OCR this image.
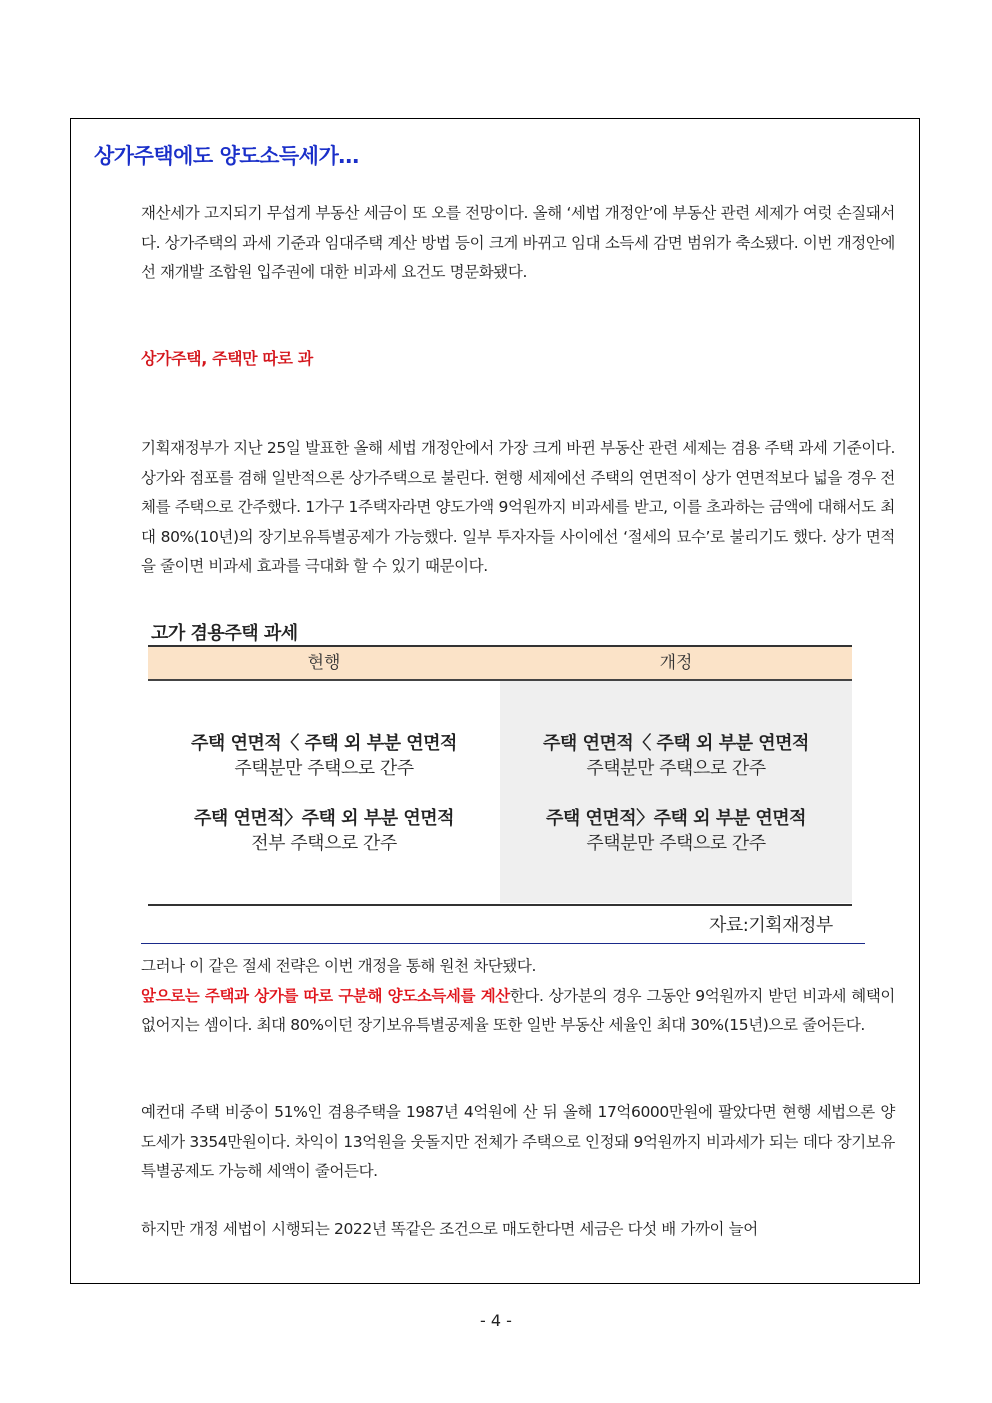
상가주택에도 양도소득세가…

재산세가 고지되기 무섭게 부동산 세금이 또 오를 전망이다. 올해 ‘세법 개정안’에 부동산 관련 세제가 여럿 손질돼서다. 상가주택의 과세 기준과 임대주택 계산 방법 등이 크게 바뀌고 임대 소득세 감면 범위가 축소됐다. 이번 개정안에선 재개발 조합원 입주권에 대한 비과세 요건도 명문화됐다.

상가주택, 주택만 따로 과

기획재정부가 지난 25일 발표한 올해 세법 개정안에서 가장 크게 바뀐 부동산 관련 세제는 겸용 주택 과세 기준이다. 상가와 점포를 겸해 일반적으론 상가주택으로 불린다. 현행 세제에선 주택의 연면적이 상가 연면적보다 넓을 경우 전체를 주택으로 간주했다. 1가구 1주택자라면 양도가액 9억원까지 비과세를 받고, 이를 초과하는 금액에 대해서도 최대 80%(10년)의 장기보유특별공제가 가능했다. 일부 투자자들 사이에선 ‘절세의 묘수’로 불리기도 했다. 상가 면적을 줄이면 비과세 효과를 극대화 할 수 있기 때문이다.

고가 겸용주택 과세
현행	개정
주택 연면적〈 주택 외 부분 연면적
주택분만 주택으로 간주
주택 연면적〉주택 외 부분 연면적
전부 주택으로 간주
주택 연면적〈 주택 외 부분 연면적
주택분만 주택으로 간주
주택 연면적〉주택 외 부분 연면적
주택분만 주택으로 간주
자료:기획재정부

그러나 이 같은 절세 전략은 이번 개정을 통해 원천 차단됐다.
앞으로는 주택과 상가를 따로 구분해 양도소득세를 계산한다. 상가분의 경우 그동안 9억원까지 받던 비과세 혜택이 없어지는 셈이다. 최대 80%이던 장기보유특별공제율 또한 일반 부동산 세율인 최대 30%(15년)으로 줄어든다.

예컨대 주택 비중이 51%인 겸용주택을 1987년 4억원에 산 뒤 올해 17억6000만원에 팔았다면 현행 세법으론 양도세가 3354만원이다. 차익이 13억원을 웃돌지만 전체가 주택으로 인정돼 9억원까지 비과세가 되는 데다 장기보유특별공제도 가능해 세액이 줄어든다.

하지만 개정 세법이 시행되는 2022년 똑같은 조건으로 매도한다면 세금은 다섯 배 가까이 늘어

- 4 -
